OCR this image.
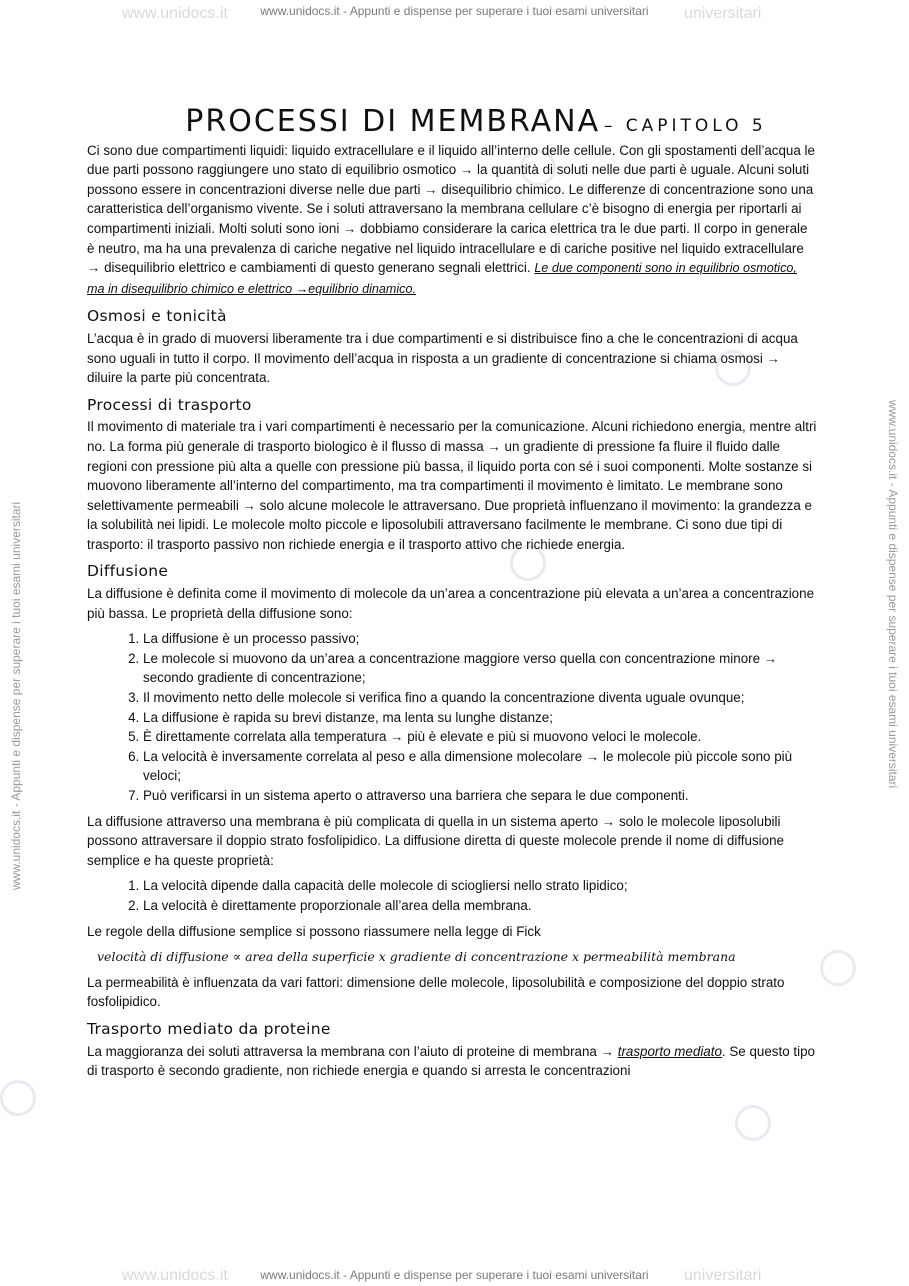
www.unidocs.it	universitari
www.unidocs.it	universitari
www.unidocs.it - Appunti e dispense per superare i tuoi esami universitari
www.unidocs.it - Appunti e dispense per superare i tuoi esami universitari
www.unidocs.it - Appunti e dispense per superare i tuoi esami universitari	www.unidocs.it - Appunti e dispense per superare i tuoi esami universitari
PROCESSI DI MEMBRANA – CAPITOLO 5

Ci sono due compartimenti liquidi: liquido extracellulare e il liquido all’interno delle cellule. Con gli spostamenti dell’acqua le due parti possono raggiungere uno stato di equilibrio osmotico → la quantità di soluti nelle due parti è uguale. Alcuni soluti possono essere in concentrazioni diverse nelle due parti → disequilibrio chimico. Le differenze di concentrazione sono una caratteristica dell’organismo vivente. Se i soluti attraversano la membrana cellulare c’è bisogno di energia per riportarli ai compartimenti iniziali. Molti soluti sono ioni → dobbiamo considerare la carica elettrica tra le due parti. Il corpo in generale è neutro, ma ha una prevalenza di cariche negative nel liquido intracellulare e di cariche positive nel liquido extracellulare → disequilibrio elettrico e cambiamenti di questo generano segnali elettrici. Le due componenti sono in equilibrio osmotico, ma in disequilibrio chimico e elettrico →equilibrio dinamico.

Osmosi e tonicità

L’acqua è in grado di muoversi liberamente tra i due compartimenti e si distribuisce fino a che le concentrazioni di acqua sono uguali in tutto il corpo. Il movimento dell’acqua in risposta a un gradiente di concentrazione si chiama osmosi → diluire la parte più concentrata.

Processi di trasporto

Il movimento di materiale tra i vari compartimenti è necessario per la comunicazione. Alcuni richiedono energia, mentre altri no. La forma più generale di trasporto biologico è il flusso di massa → un gradiente di pressione fa fluire il fluido dalle regioni con pressione più alta a quelle con pressione più bassa, il liquido porta con sé i suoi componenti. Molte sostanze si muovono liberamente all’interno del compartimento, ma tra compartimenti il movimento è limitato. Le membrane sono selettivamente permeabili → solo alcune molecole le attraversano. Due proprietà influenzano il movimento: la grandezza e la solubilità nei lipidi. Le molecole molto piccole e liposolubili attraversano facilmente le membrane. Ci sono due tipi di trasporto: il trasporto passivo non richiede energia e il trasporto attivo che richiede energia.

Diffusione

La diffusione è definita come il movimento di molecole da un’area a concentrazione più elevata a un’area a concentrazione più bassa. Le proprietà della diffusione sono:

1. La diffusione è un processo passivo;
2. Le molecole si muovono da un’area a concentrazione maggiore verso quella con concentrazione minore → secondo gradiente di concentrazione;
3. Il movimento netto delle molecole si verifica fino a quando la concentrazione diventa uguale ovunque;
4. La diffusione è rapida su brevi distanze, ma lenta su lunghe distanze;
5. È direttamente correlata alla temperatura → più è elevate e più si muovono veloci le molecole.
6. La velocità è inversamente correlata al peso e alla dimensione molecolare → le molecole più piccole sono più veloci;
7. Può verificarsi in un sistema aperto o attraverso una barriera che separa le due componenti.

La diffusione attraverso una membrana è più complicata di quella in un sistema aperto → solo le molecole liposolubili possono attraversare il doppio strato fosfolipidico. La diffusione diretta di queste molecole prende il nome di diffusione semplice e ha queste proprietà:

1. La velocità dipende dalla capacità delle molecole di sciogliersi nello strato lipidico;
2. La velocità è direttamente proporzionale all’area della membrana.

Le regole della diffusione semplice si possono riassumere nella legge di Fick

velocità di diffusione ∝ area della superficie x gradiente di concentrazione x permeabilità membrana

La permeabilità è influenzata da vari fattori: dimensione delle molecole, liposolubilità e composizione del doppio strato fosfolipidico.

Trasporto mediato da proteine

La maggioranza dei soluti attraversa la membrana con l’aiuto di proteine di membrana → trasporto mediato. Se questo tipo di trasporto è secondo gradiente, non richiede energia e quando si arresta le concentrazioni
